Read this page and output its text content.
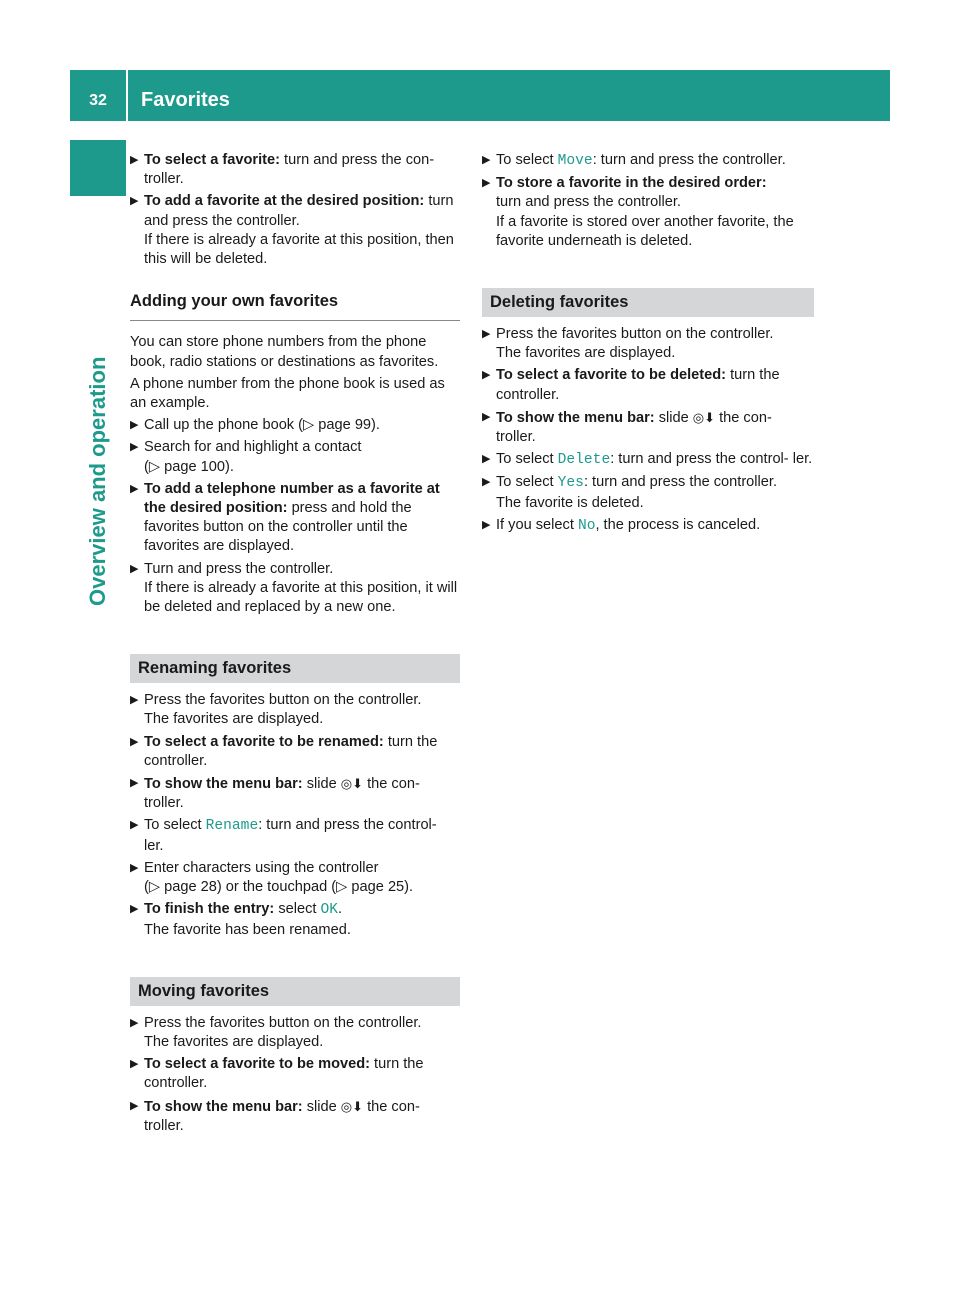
32	Favorites
Overview and operation

▶ To select a favorite: turn and press the con- troller.

▶ To add a favorite at the desired position: turn and press the controller.
If there is already a favorite at this position, then this will be deleted.

Adding your own favorites

You can store phone numbers from the phone book, radio stations or destinations as favorites.

A phone number from the phone book is used as an example.

▶ Call up the phone book (▷ page 99).

▶ Search for and highlight a contact
(▷ page 100).

▶ To add a telephone number as a favorite at the desired position: press and hold the favorites button on the controller until the favorites are displayed.

▶ Turn and press the controller.
If there is already a favorite at this position, it will be deleted and replaced by a new one.

Renaming favorites

▶ Press the favorites button on the controller.
The favorites are displayed.

▶ To select a favorite to be renamed: turn the controller.

▶ To show the menu bar: slide ◎⬇ the con- troller.

▶ To select Rename: turn and press the control- ler.

▶ Enter characters using the controller
(▷ page 28) or the touchpad (▷ page 25).

▶ To finish the entry: select OK.
The favorite has been renamed.

Moving favorites

▶ Press the favorites button on the controller.
The favorites are displayed.

▶ To select a favorite to be moved: turn the controller.

▶ To show the menu bar: slide ◎⬇ the con- troller.

▶ To select Move: turn and press the controller.

▶ To store a favorite in the desired order:
turn and press the controller.
If a favorite is stored over another favorite, the favorite underneath is deleted.

Deleting favorites

▶ Press the favorites button on the controller.
The favorites are displayed.

▶ To select a favorite to be deleted: turn the controller.

▶ To show the menu bar: slide ◎⬇ the con- troller.

▶ To select Delete: turn and press the control- ler.

▶ To select Yes: turn and press the controller.
The favorite is deleted.

▶ If you select No, the process is canceled.
